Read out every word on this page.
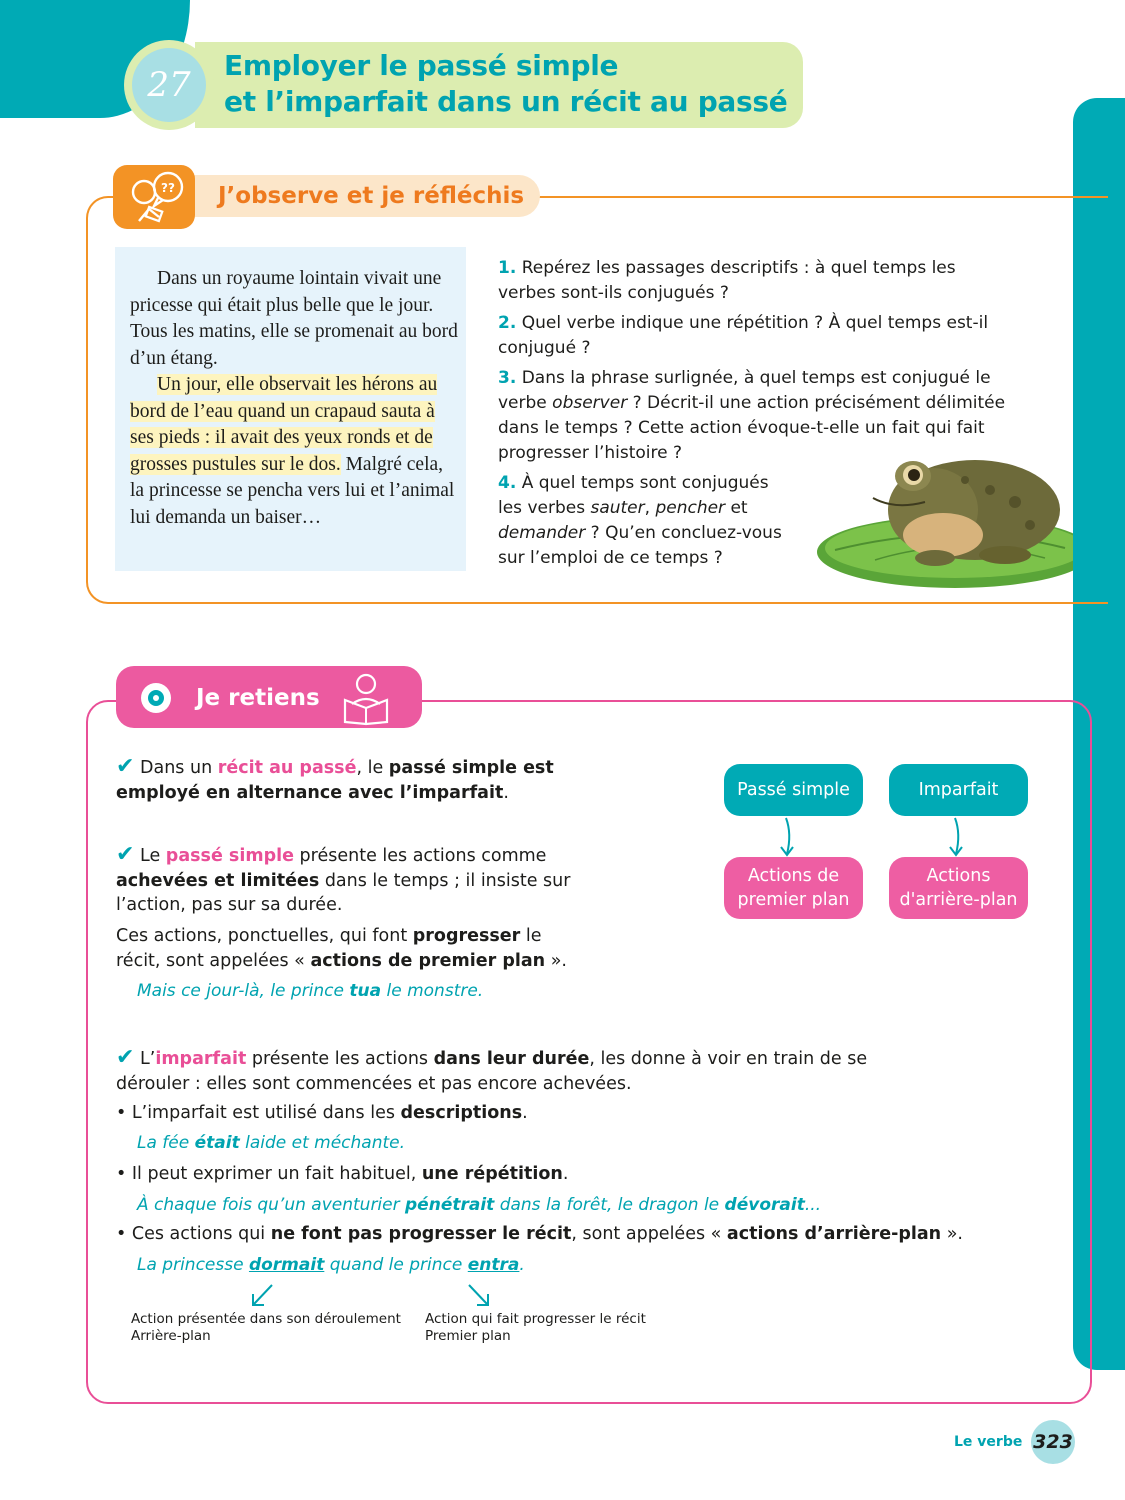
27	Employer le passé simple
et l’imparfait dans un récit au passé
J’observe et je réfléchis
??
Dans un royaume lointain vivait une pricesse qui était plus belle que le jour. Tous les matins, elle se promenait au bord d’un étang.
Un jour, elle observait les hérons au bord de l’eau quand un crapaud sauta à ses pieds : il avait des yeux ronds et de grosses pustules sur le dos. Malgré cela, la princesse se pencha vers lui et l’animal lui demanda un baiser…
1. Repérez les passages descriptifs : à quel temps les verbes sont-ils conjugués ?
2. Quel verbe indique une répétition ? À quel temps est-il conjugué ?
3. Dans la phrase surlignée, à quel temps est conjugué le verbe observer ? Décrit-il une action précisément délimitée dans le temps ? Cette action évoque-t-elle un fait qui fait progresser l’histoire ?
4. À quel temps sont conjugués les verbes sauter, pencher et demander ? Qu’en concluez-vous sur l’emploi de ce temps ?
Je retiens
✔ Dans un récit au passé, le passé simple est employé en alternance avec l’imparfait.
✔ Le passé simple présente les actions comme achevées et limitées dans le temps ; il insiste sur l’action, pas sur sa durée.
Ces actions, ponctuelles, qui font progresser le récit, sont appelées « actions de premier plan ».
Mais ce jour-là, le prince tua le monstre.
Passé simple	Imparfait
Actions de
premier plan
Actions
d'arrière-plan
✔ L’imparfait présente les actions dans leur durée, les donne à voir en train de se dérouler : elles sont commencées et pas encore achevées.
• L’imparfait est utilisé dans les descriptions.
La fée était laide et méchante.
• Il peut exprimer un fait habituel, une répétition.
À chaque fois qu’un aventurier pénétrait dans la forêt, le dragon le dévorait...
• Ces actions qui ne font pas progresser le récit, sont appelées « actions d’arrière-plan ».
La princesse dormait quand le prince entra.
Action présentée dans son déroulement
Arrière-plan
Action qui fait progresser le récit
Premier plan
Le verbe 323
